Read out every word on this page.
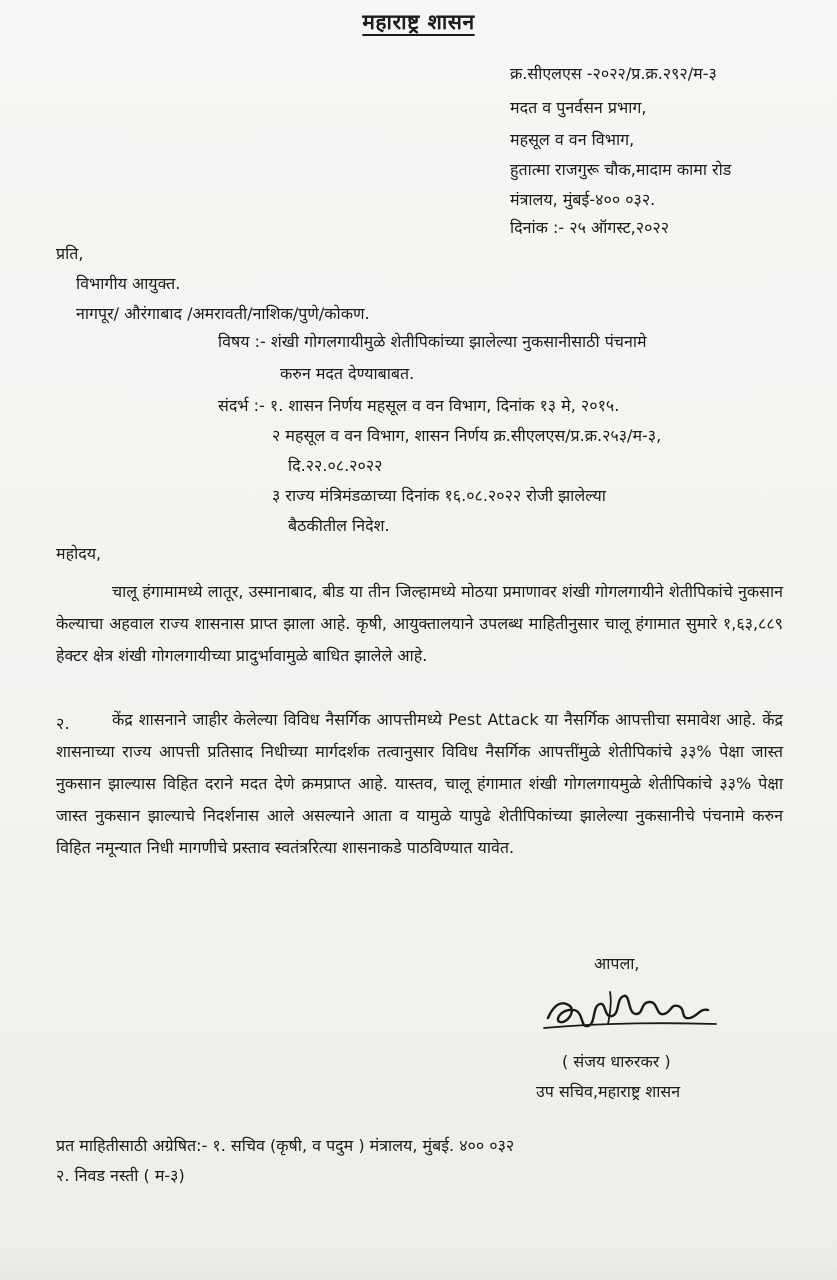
महाराष्ट्र शासन
क्र.सीएलएस -२०२२/प्र.क्र.२९२/म-३
मदत व पुनर्वसन प्रभाग,
महसूल व वन विभाग,
हुतात्मा राजगुरू चौक,मादाम कामा रोड
मंत्रालय, मुंबई-४०० ०३२.
दिनांक :- २५ ऑगस्ट,२०२२
प्रति,
विभागीय आयुक्त.
नागपूर/ औरंगाबाद /अमरावती/नाशिक/पुणे/कोकण.
विषय :- शंखी गोगलगायीमुळे शेतीपिकांच्या झालेल्या नुकसानीसाठी पंचनामे
करुन मदत देण्याबाबत.
संदर्भ :- १. शासन निर्णय महसूल व वन विभाग, दिनांक १३ मे, २०१५.
२ महसूल व वन विभाग, शासन निर्णय क्र.सीएलएस/प्र.क्र.२५३/म-३,
दि.२२.०८.२०२२
३ राज्य मंत्रिमंडळाच्या दिनांक १६.०८.२०२२ रोजी झालेल्या
बैठकीतील निदेश.
महोदय,
चालू हंगामामध्ये लातूर, उस्मानाबाद, बीड या तीन जिल्हामध्ये मोठया प्रमाणावर शंखी गोगलगायीने शेतीपिकांचे नुकसान केल्याचा अहवाल राज्य शासनास प्राप्त झाला आहे. कृषी, आयुक्तालयाने उपलब्ध माहितीनुसार चालू हंगामात सुमारे १,६३,८८९ हेक्टर क्षेत्र शंखी गोगलगायीच्या प्रादुर्भावामुळे बाधित झालेले आहे.
२.	केंद्र शासनाने जाहीर केलेल्या विविध नैसर्गिक आपत्तीमध्ये Pest Attack या नैसर्गिक आपत्तीचा समावेश आहे. केंद्र शासनाच्या राज्य आपत्ती प्रतिसाद निधीच्या मार्गदर्शक तत्वानुसार विविध नैसर्गिक आपत्तींमुळे शेतीपिकांचे ३३% पेक्षा जास्त नुकसान झाल्यास विहित दराने मदत देणे क्रमप्राप्त आहे. यास्तव, चालू हंगामात शंखी गोगलगायमुळे शेतीपिकांचे ३३% पेक्षा जास्त नुकसान झाल्याचे निदर्शनास आले असल्याने आता व यामुळे यापुढे शेतीपिकांच्या झालेल्या नुकसानीचे पंचनामे करुन विहित नमून्यात निधी मागणीचे प्रस्ताव स्वतंत्ररित्या शासनाकडे पाठविण्यात यावेत.
आपला,
( संजय धारुरकर )
उप सचिव,महाराष्ट्र शासन
प्रत माहितीसाठी अग्रेषित:- १. सचिव (कृषी, व पदुम ) मंत्रालय, मुंबई. ४०० ०३२
२. निवड नस्ती ( म-३)
